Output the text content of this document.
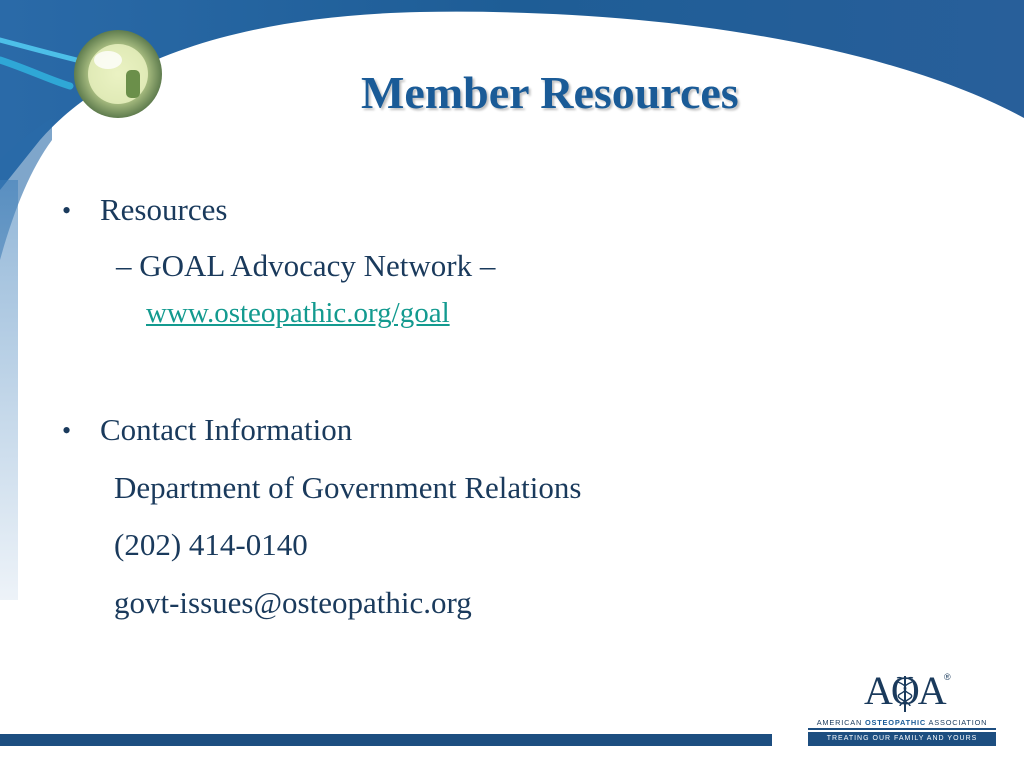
Member Resources
• Resources
– GOAL Advocacy Network –
www.osteopathic.org/goal
• Contact Information
Department of Government Relations
(202) 414-0140
govt-issues@osteopathic.org
AOA ®
AMERICAN OSTEOPATHIC ASSOCIATION
TREATING OUR FAMILY AND YOURS
